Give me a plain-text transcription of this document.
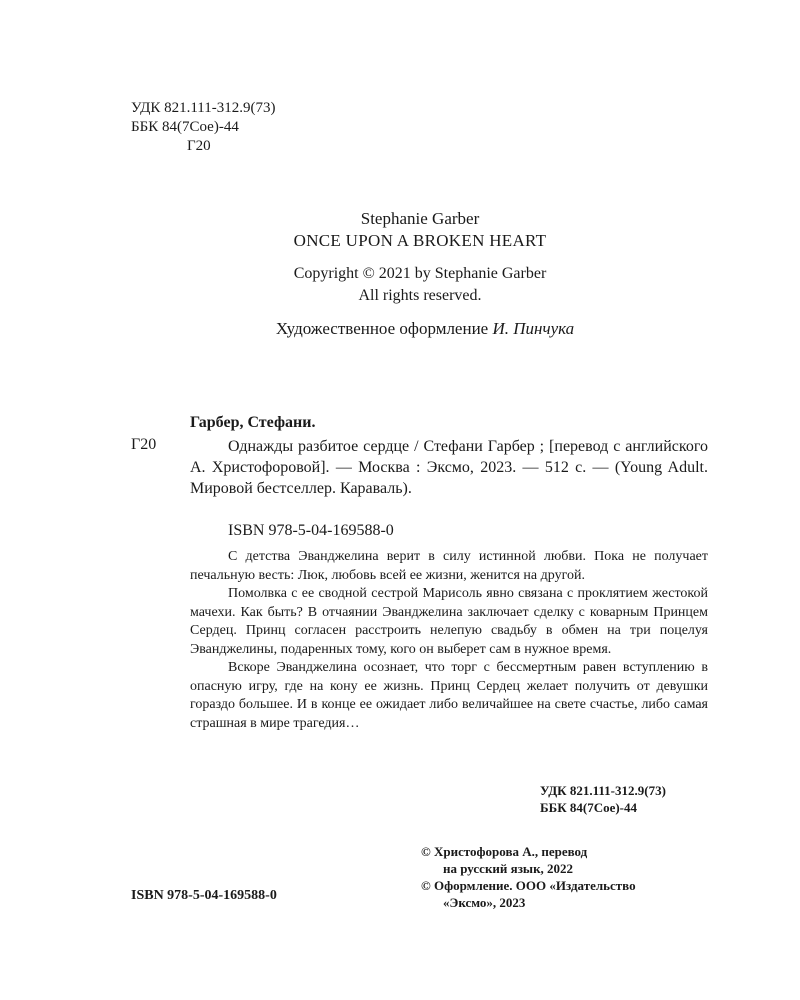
УДК 821.111-312.9(73)
ББК 84(7Сое)-44
Г20
Stephanie Garber
ONCE UPON A BROKEN HEART
Copyright © 2021 by Stephanie Garber
All rights reserved.
Художественное оформление И. Пинчука
Гарбер, Стефани.
Г20	Однажды разбитое сердце / Стефани Гарбер ; [перевод с английского А. Христофоровой]. — Москва : Эксмо, 2023. — 512 с. — (Young Adult. Мировой бестселлер. Караваль).
ISBN 978-5-04-169588-0

С детства Эванджелина верит в силу истинной любви. Пока не получает печальную весть: Люк, любовь всей ее жизни, женится на другой.

Помолвка с ее сводной сестрой Марисоль явно связана с проклятием жестокой мачехи. Как быть? В отчаянии Эванджелина заключает сделку с коварным Принцем Сердец. Принц согласен расстроить нелепую свадьбу в обмен на три поцелуя Эванджелины, подаренных тому, кого он выберет сам в нужное время.

Вскоре Эванджелина осознает, что торг с бессмертным равен вступлению в опасную игру, где на кону ее жизнь. Принц Сердец желает получить от девушки гораздо большее. И в конце ее ожидает либо величайшее на свете счастье, либо самая страшная в мире трагедия…

УДК 821.111-312.9(73)
ББК 84(7Сое)-44
© Христофорова А., перевод
на русский язык, 2022
© Оформление. ООО «Издательство
«Эксмо», 2023
ISBN 978-5-04-169588-0
